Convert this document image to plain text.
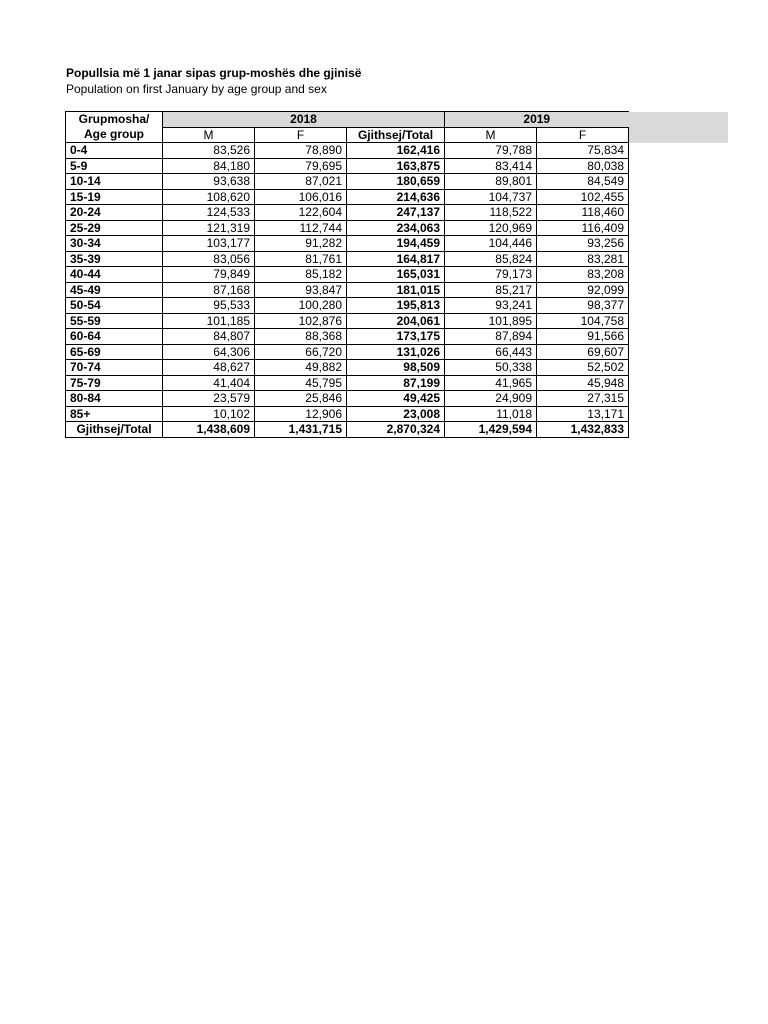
Popullsia më 1 janar sipas grup-moshës dhe gjinisë
Population on first January by age group and sex
Grupmosha/
Age group	2018			2019	
	M	F	Gjithsej/Total	M	F
0-4	83,526	78,890	162,416	79,788	75,834
5-9	84,180	79,695	163,875	83,414	80,038
10-14	93,638	87,021	180,659	89,801	84,549
15-19	108,620	106,016	214,636	104,737	102,455
20-24	124,533	122,604	247,137	118,522	118,460
25-29	121,319	112,744	234,063	120,969	116,409
30-34	103,177	91,282	194,459	104,446	93,256
35-39	83,056	81,761	164,817	85,824	83,281
40-44	79,849	85,182	165,031	79,173	83,208
45-49	87,168	93,847	181,015	85,217	92,099
50-54	95,533	100,280	195,813	93,241	98,377
55-59	101,185	102,876	204,061	101,895	104,758
60-64	84,807	88,368	173,175	87,894	91,566
65-69	64,306	66,720	131,026	66,443	69,607
70-74	48,627	49,882	98,509	50,338	52,502
75-79	41,404	45,795	87,199	41,965	45,948
80-84	23,579	25,846	49,425	24,909	27,315
85+	10,102	12,906	23,008	11,018	13,171
Gjithsej/Total	1,438,609	1,431,715	2,870,324	1,429,594	1,432,833
